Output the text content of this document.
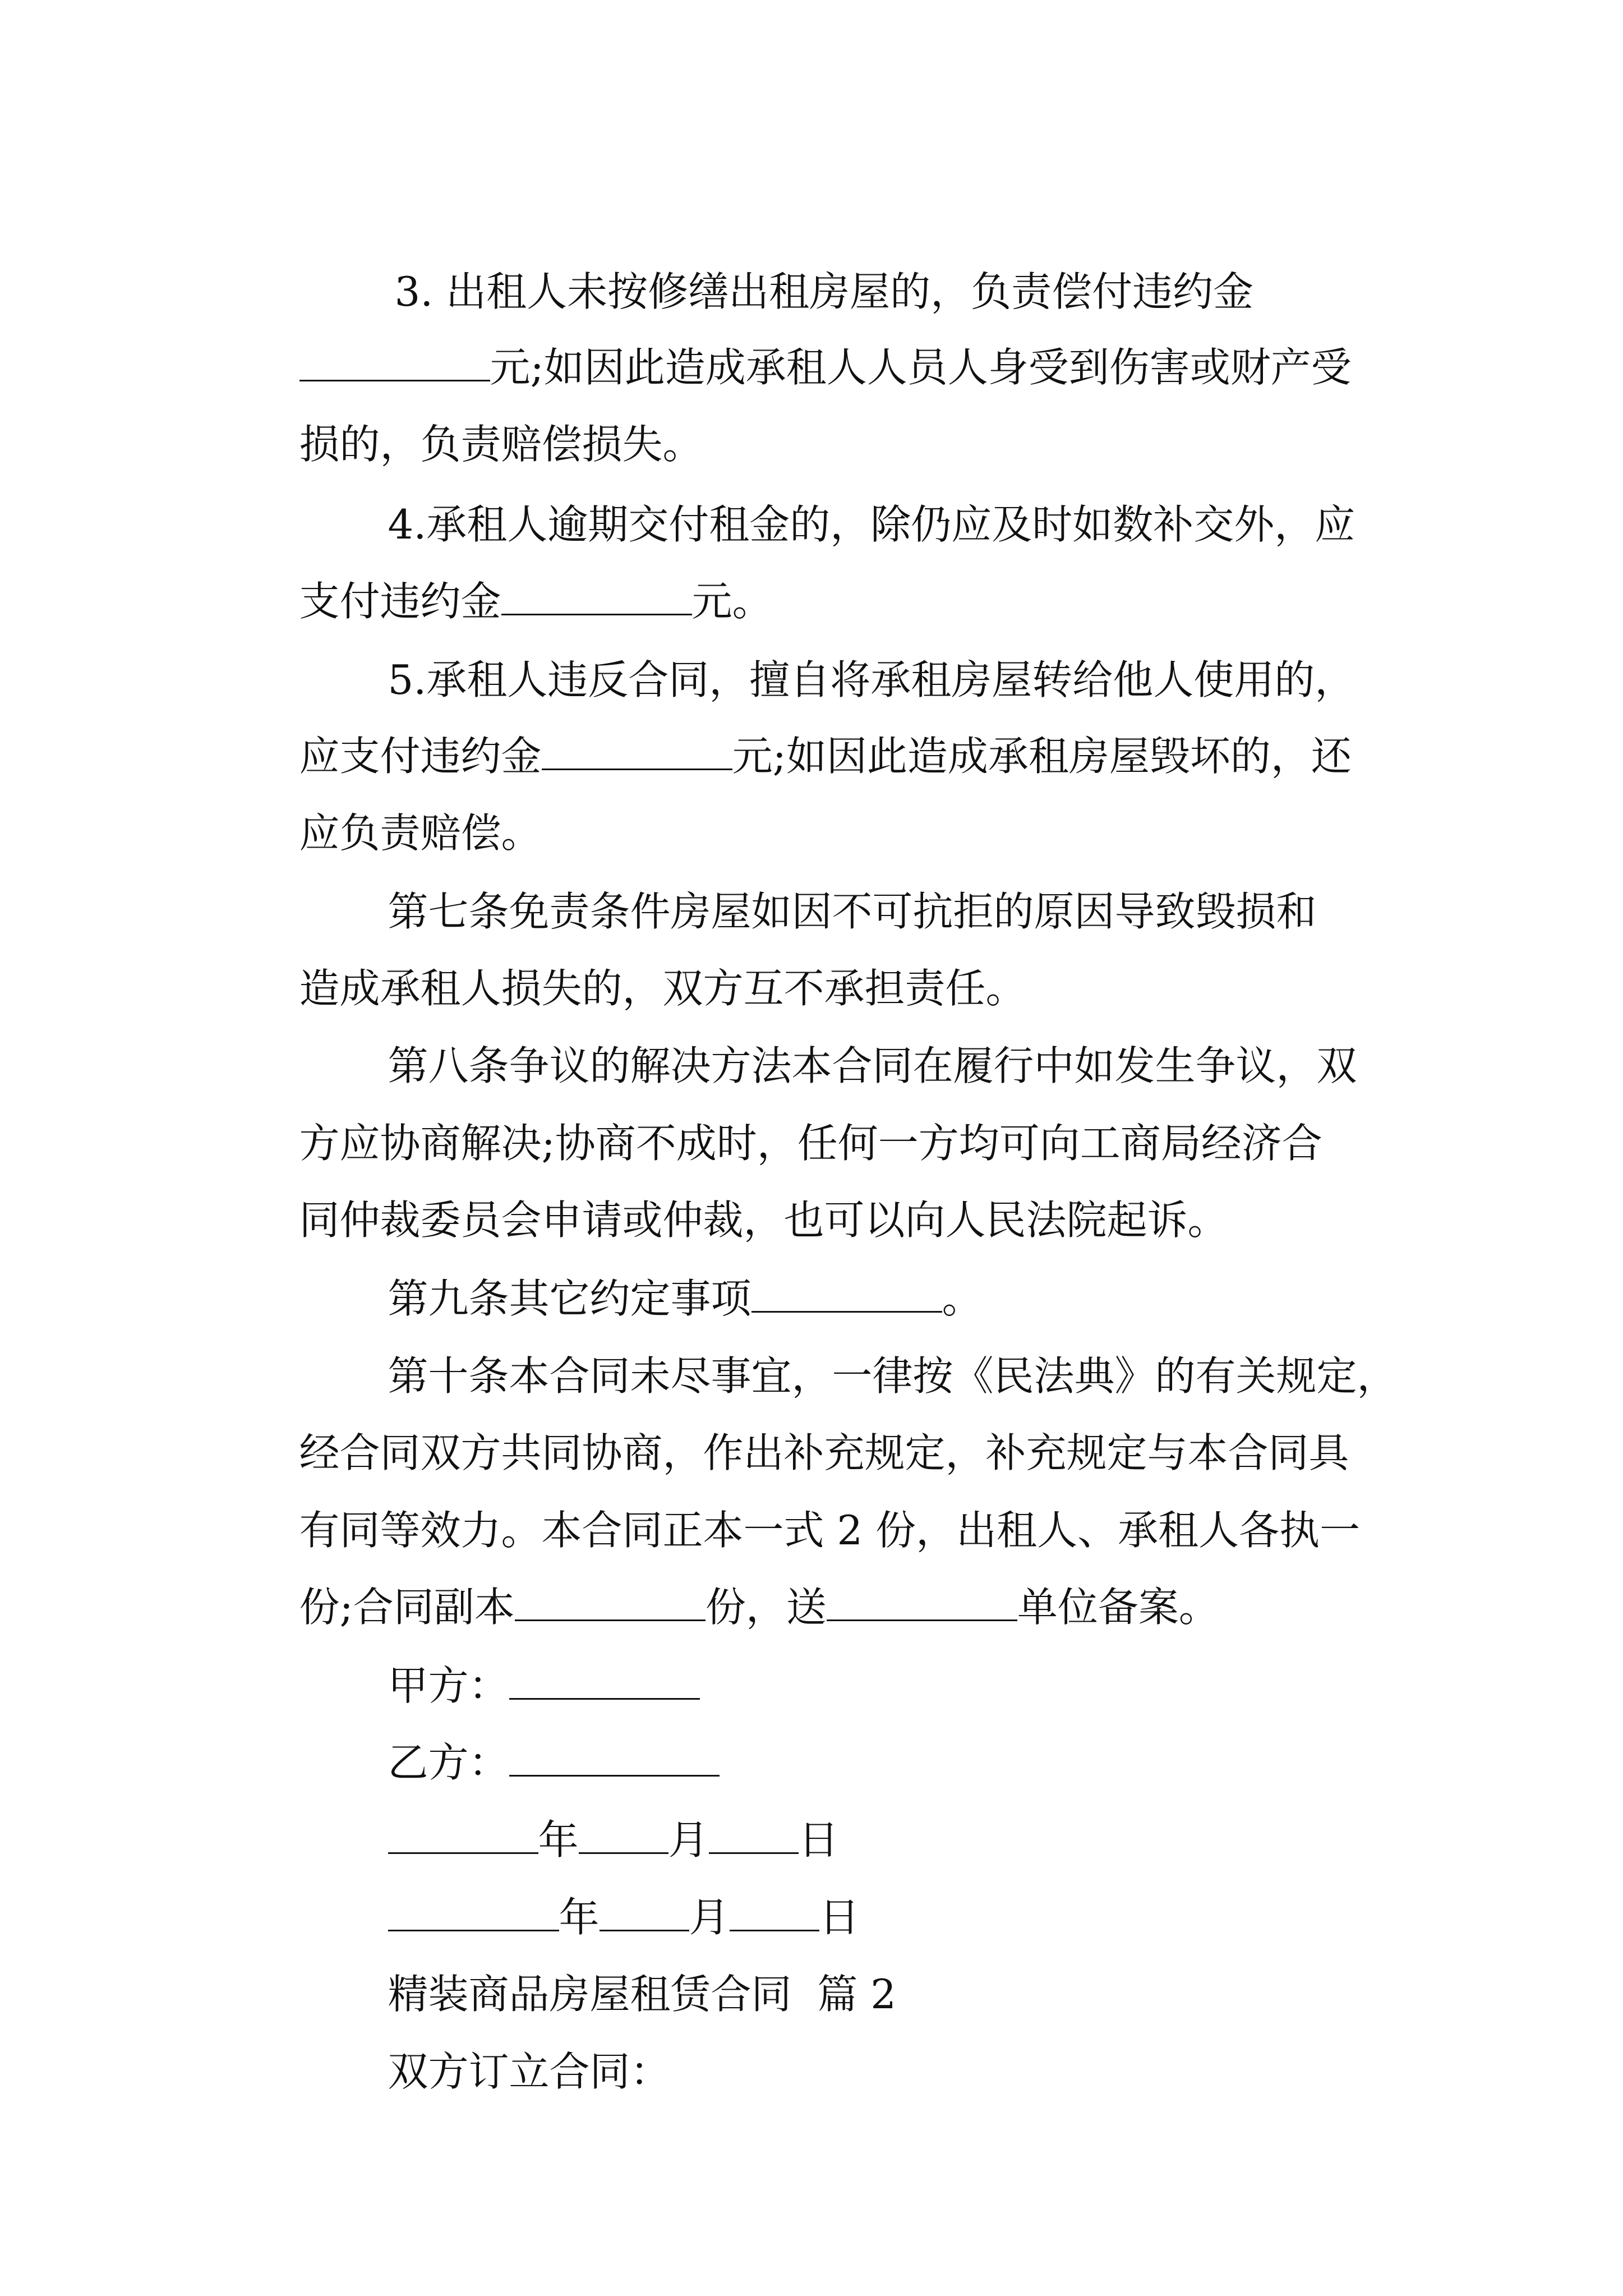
3. 出租人未按修缮出租房屋的，负责偿付违约金

元;如因此造成承租人人员人身受到伤害或财产受

损的，负责赔偿损失。

4.承租人逾期交付租金的，除仍应及时如数补交外，应

支付违约金	元。

5.承租人违反合同，擅自将承租房屋转给他人使用的，

应支付违约金	元;如因此造成承租房屋毁坏的，还

应负责赔偿。

第七条免责条件房屋如因不可抗拒的原因导致毁损和

造成承租人损失的，双方互不承担责任。

第八条争议的解决方法本合同在履行中如发生争议，双

方应协商解决;协商不成时，任何一方均可向工商局经济合

同仲裁委员会申请或仲裁，也可以向人民法院起诉。

第九条其它约定事项	。

第十条本合同未尽事宜，一律按《民法典》的有关规定，

经合同双方共同协商，作出补充规定，补充规定与本合同具

有同等效力。本合同正本一式 2 份，出租人、承租人各执一

份;合同副本	份，送	单位备案。

甲方：

乙方：

年 月 日

年 月 日

精装商品房屋租赁合同  篇 2

双方订立合同：
